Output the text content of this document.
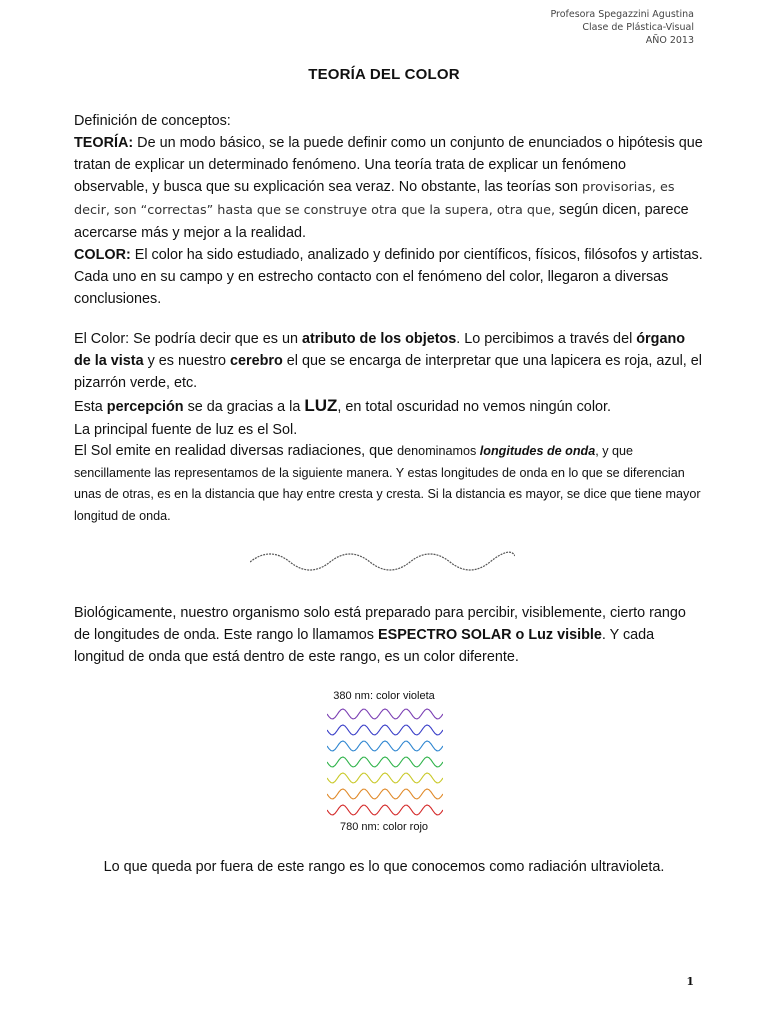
Profesora Spegazzini Agustina
Clase de Plástica-Visual
AÑO 2013
TEORÍA DEL COLOR

Definición de conceptos:

TEORÍA: De un modo básico, se la puede definir como un conjunto de enunciados o hipótesis que tratan de explicar un determinado fenómeno. Una teoría trata de explicar un fenómeno observable, y busca que su explicación sea veraz. No obstante, las teorías son provisorias, es decir, son “correctas” hasta que se construye otra que la supera, otra que, según dicen, parece acercarse más y mejor a la realidad.

COLOR: El color ha sido estudiado, analizado y definido por científicos, físicos, filósofos y artistas. Cada uno en su campo y en estrecho contacto con el fenómeno del color, llegaron a diversas conclusiones.

El Color: Se podría decir que es un atributo de los objetos. Lo percibimos a través del órgano de la vista y es nuestro cerebro el que se encarga de interpretar que una lapicera es roja, azul, el pizarrón verde, etc.

Esta percepción se da gracias a la LUZ, en total oscuridad no vemos ningún color.

La principal fuente de luz es el Sol.

El Sol emite en realidad diversas radiaciones, que denominamos longitudes de onda, y que sencillamente las representamos de la siguiente manera. Y estas longitudes de onda en lo que se diferencian unas de otras, es en la distancia que hay entre cresta y cresta. Si la distancia es mayor, se dice que tiene mayor longitud de onda.

Biológicamente, nuestro organismo solo está preparado para percibir, visiblemente, cierto rango de longitudes de onda. Este rango lo llamamos ESPECTRO SOLAR o Luz visible. Y cada longitud de onda que está dentro de este rango, es un color diferente.

380 nm: color violeta
780 nm: color rojo
Lo que queda por fuera de este rango es lo que conocemos como radiación ultravioleta.
1
